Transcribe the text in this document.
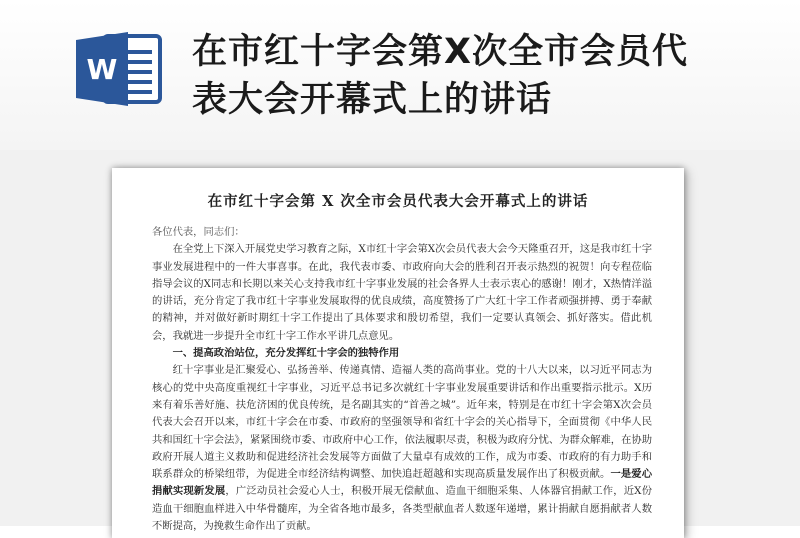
W 在市红十字会第X次全市会员代
表大会开幕式上的讲话
在市红十字会第 X 次全市会员代表大会开幕式上的讲话

各位代表，同志们：

在全党上下深入开展党史学习教育之际，X市红十字会第X次会员代表大会今天隆重召开，这是我市红十字事业发展进程中的一件大事喜事。在此，我代表市委、市政府向大会的胜利召开表示热烈的祝贺！向专程莅临指导会议的X同志和长期以来关心支持我市红十字事业发展的社会各界人士表示衷心的感谢！刚才，X热情洋溢的讲话，充分肯定了我市红十字事业发展取得的优良成绩，高度赞扬了广大红十字工作者顽强拼搏、勇于奉献的精神，并对做好新时期红十字工作提出了具体要求和殷切希望，我们一定要认真领会、抓好落实。借此机会，我就进一步提升全市红十字工作水平讲几点意见。

一、提高政治站位，充分发挥红十字会的独特作用

红十字事业是汇聚爱心、弘扬善举、传递真情、造福人类的高尚事业。党的十八大以来，以习近平同志为核心的党中央高度重视红十字事业，习近平总书记多次就红十字事业发展重要讲话和作出重要指示批示。X历来有着乐善好施、扶危济困的优良传统，是名副其实的“首善之城”。近年来，特别是在市红十字会第X次会员代表大会召开以来，市红十字会在市委、市政府的坚强领导和省红十字会的关心指导下，全面贯彻《中华人民共和国红十字会法》，紧紧围绕市委、市政府中心工作，依法履职尽责，积极为政府分忧、为群众解难，在协助政府开展人道主义救助和促进经济社会发展等方面做了大量卓有成效的工作，成为市委、市政府的有力助手和联系群众的桥梁纽带，为促进全市经济结构调整、加快追赶超越和实现高质量发展作出了积极贡献。一是爱心捐献实现新发展，广泛动员社会爱心人士，积极开展无偿献血、造血干细胞采集、人体器官捐献工作，近X份造血干细胞血样进入中华骨髓库，为全省各地市最多，各类型献血者人数逐年递增，累计捐献自愿捐献者人数不断提高，为挽救生命作出了贡献。
